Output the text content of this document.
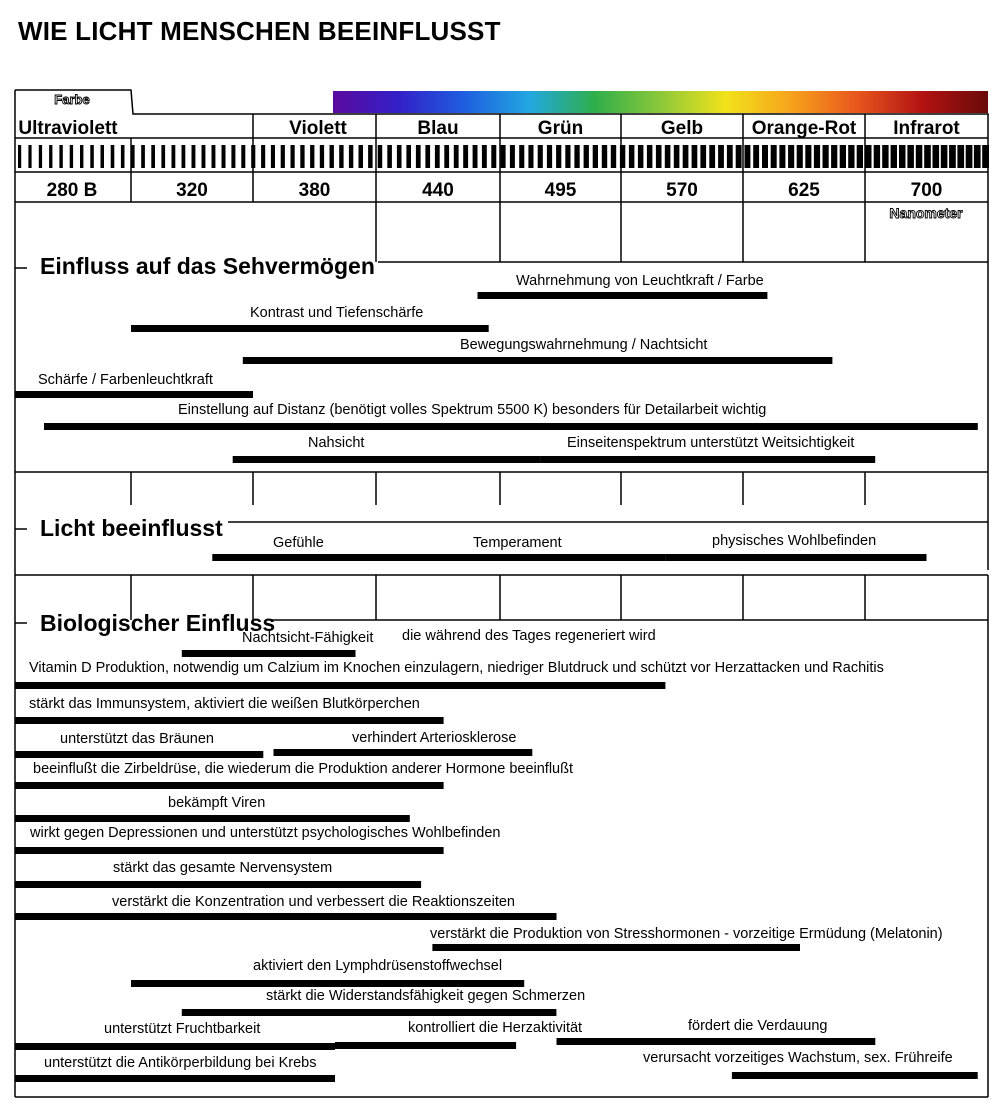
WIE LICHT MENSCHEN BEEINFLUSST
Farbe
Ultraviolett	Violett	Blau	Grün	Gelb	Orange-Rot Infrarot
280 B	320	380	440	495	570	625	700
Nanometer
Einfluss auf das Sehvermögen
Wahrnehmung von Leuchtkraft / Farbe
Kontrast und Tiefenschärfe
Bewegungswahrnehmung / Nachtsicht
Schärfe / Farbenleuchtkraft
Einstellung auf Distanz (benötigt volles Spektrum 5500 K) besonders für Detailarbeit wichtig
Nahsicht	Einseitenspektrum unterstützt Weitsichtigkeit
Licht beeinflusst
Gefühle	Temperament	physisches Wohlbefinden
Biologischer Einfluss
Nachtsicht-Fähigkeit die während des Tages regeneriert wird
Vitamin D Produktion, notwendig um Calzium im Knochen einzulagern, niedriger Blutdruck und schützt vor Herzattacken und Rachitis
stärkt das Immunsystem, aktiviert die weißen Blutkörperchen
unterstützt das Bräunen	verhindert Arteriosklerose
beeinflußt die Zirbeldrüse, die wiederum die Produktion anderer Hormone beeinflußt
bekämpft Viren
wirkt gegen Depressionen und unterstützt psychologisches Wohlbefinden
stärkt das gesamte Nervensystem
verstärkt die Konzentration und verbessert die Reaktionszeiten
verstärkt die Produktion von Stresshormonen - vorzeitige Ermüdung (Melatonin)
aktiviert den Lymphdrüsenstoffwechsel
stärkt die Widerstandsfähigkeit gegen Schmerzen
unterstützt Fruchtbarkeit	kontrolliert die Herzaktivität	fördert die Verdauung
unterstützt die Antikörperbildung bei Krebs	verursacht vorzeitiges Wachstum, sex. Frühreife
